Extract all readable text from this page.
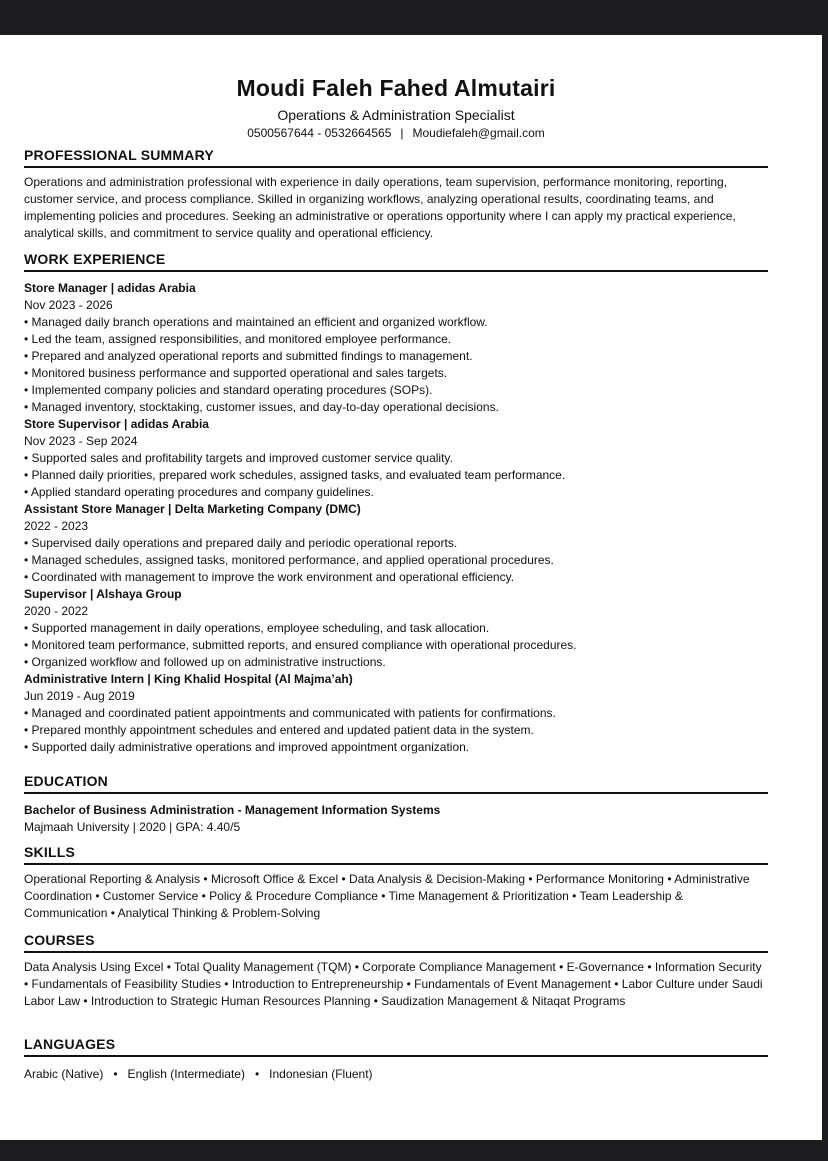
Moudi Faleh Fahed Almutairi
Operations & Administration Specialist
0500567644 - 0532664565 | Moudiefaleh@gmail.com
PROFESSIONAL SUMMARY
Operations and administration professional with experience in daily operations, team supervision, performance monitoring, reporting, customer service, and process compliance. Skilled in organizing workflows, analyzing operational results, coordinating teams, and implementing policies and procedures. Seeking an administrative or operations opportunity where I can apply my practical experience, analytical skills, and commitment to service quality and operational efficiency.
WORK EXPERIENCE
Store Manager | adidas Arabia
Nov 2023 - 2026
• Managed daily branch operations and maintained an efficient and organized workflow.
• Led the team, assigned responsibilities, and monitored employee performance.
• Prepared and analyzed operational reports and submitted findings to management.
• Monitored business performance and supported operational and sales targets.
• Implemented company policies and standard operating procedures (SOPs).
• Managed inventory, stocktaking, customer issues, and day-to-day operational decisions.
Store Supervisor | adidas Arabia
Nov 2023 - Sep 2024
• Supported sales and profitability targets and improved customer service quality.
• Planned daily priorities, prepared work schedules, assigned tasks, and evaluated team performance.
• Applied standard operating procedures and company guidelines.
Assistant Store Manager | Delta Marketing Company (DMC)
2022 - 2023
• Supervised daily operations and prepared daily and periodic operational reports.
• Managed schedules, assigned tasks, monitored performance, and applied operational procedures.
• Coordinated with management to improve the work environment and operational efficiency.
Supervisor | Alshaya Group
2020 - 2022
• Supported management in daily operations, employee scheduling, and task allocation.
• Monitored team performance, submitted reports, and ensured compliance with operational procedures.
• Organized workflow and followed up on administrative instructions.
Administrative Intern | King Khalid Hospital (Al Majma’ah)
Jun 2019 - Aug 2019
• Managed and coordinated patient appointments and communicated with patients for confirmations.
• Prepared monthly appointment schedules and entered and updated patient data in the system.
• Supported daily administrative operations and improved appointment organization.
EDUCATION
Bachelor of Business Administration - Management Information Systems
Majmaah University | 2020 | GPA: 4.40/5
SKILLS
Operational Reporting & Analysis • Microsoft Office & Excel • Data Analysis & Decision-Making • Performance Monitoring • Administrative Coordination • Customer Service • Policy & Procedure Compliance • Time Management & Prioritization • Team Leadership & Communication • Analytical Thinking & Problem-Solving
COURSES
Data Analysis Using Excel • Total Quality Management (TQM) • Corporate Compliance Management • E-Governance • Information Security • Fundamentals of Feasibility Studies • Introduction to Entrepreneurship • Fundamentals of Event Management • Labor Culture under Saudi Labor Law • Introduction to Strategic Human Resources Planning • Saudization Management & Nitaqat Programs
LANGUAGES
Arabic (Native)   •   English (Intermediate)   •   Indonesian (Fluent)
